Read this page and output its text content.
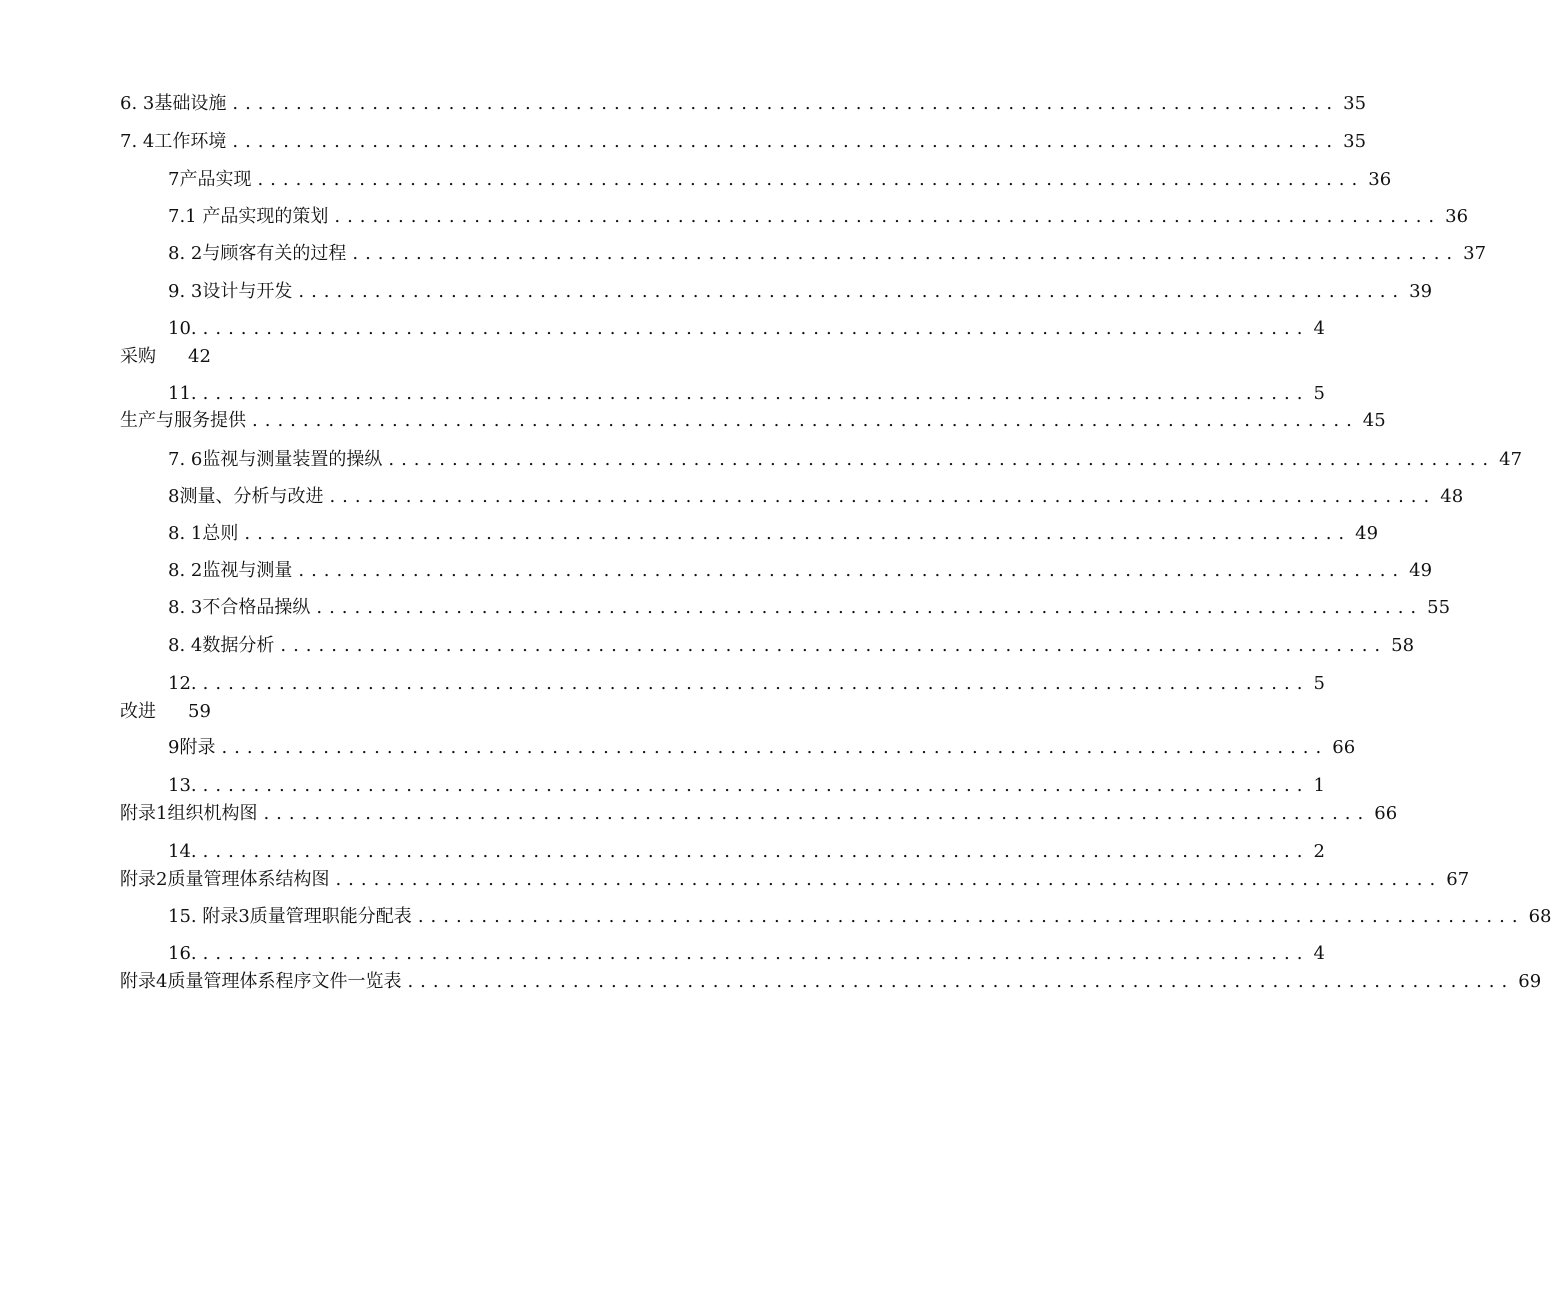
6. 3基础设施 ....................................................................................... 35
7. 4工作环境 ....................................................................................... 35
7产品实现 ....................................................................................... 36
7.1 产品实现的策划 ....................................................................................... 36
8. 2与顾客有关的过程 ....................................................................................... 37
9. 3设计与开发 ....................................................................................... 39
10. ....................................................................................... 4
采购 42
11. ....................................................................................... 5
生产与服务提供 ....................................................................................... 45
7. 6监视与测量装置的操纵 ....................................................................................... 47
8测量、分析与改进 ....................................................................................... 48
8. 1总则 ....................................................................................... 49
8. 2监视与测量 ....................................................................................... 49
8. 3不合格品操纵 ....................................................................................... 55
8. 4数据分析 ....................................................................................... 58
12. ....................................................................................... 5
改进 59
9附录 ....................................................................................... 66
13. ....................................................................................... 1
附录1组织机构图 ....................................................................................... 66
14. ....................................................................................... 2
附录2质量管理体系结构图 ....................................................................................... 67
15. 附录3质量管理职能分配表 ....................................................................................... 68
16. ....................................................................................... 4
附录4质量管理体系程序文件一览表 ....................................................................................... 69
